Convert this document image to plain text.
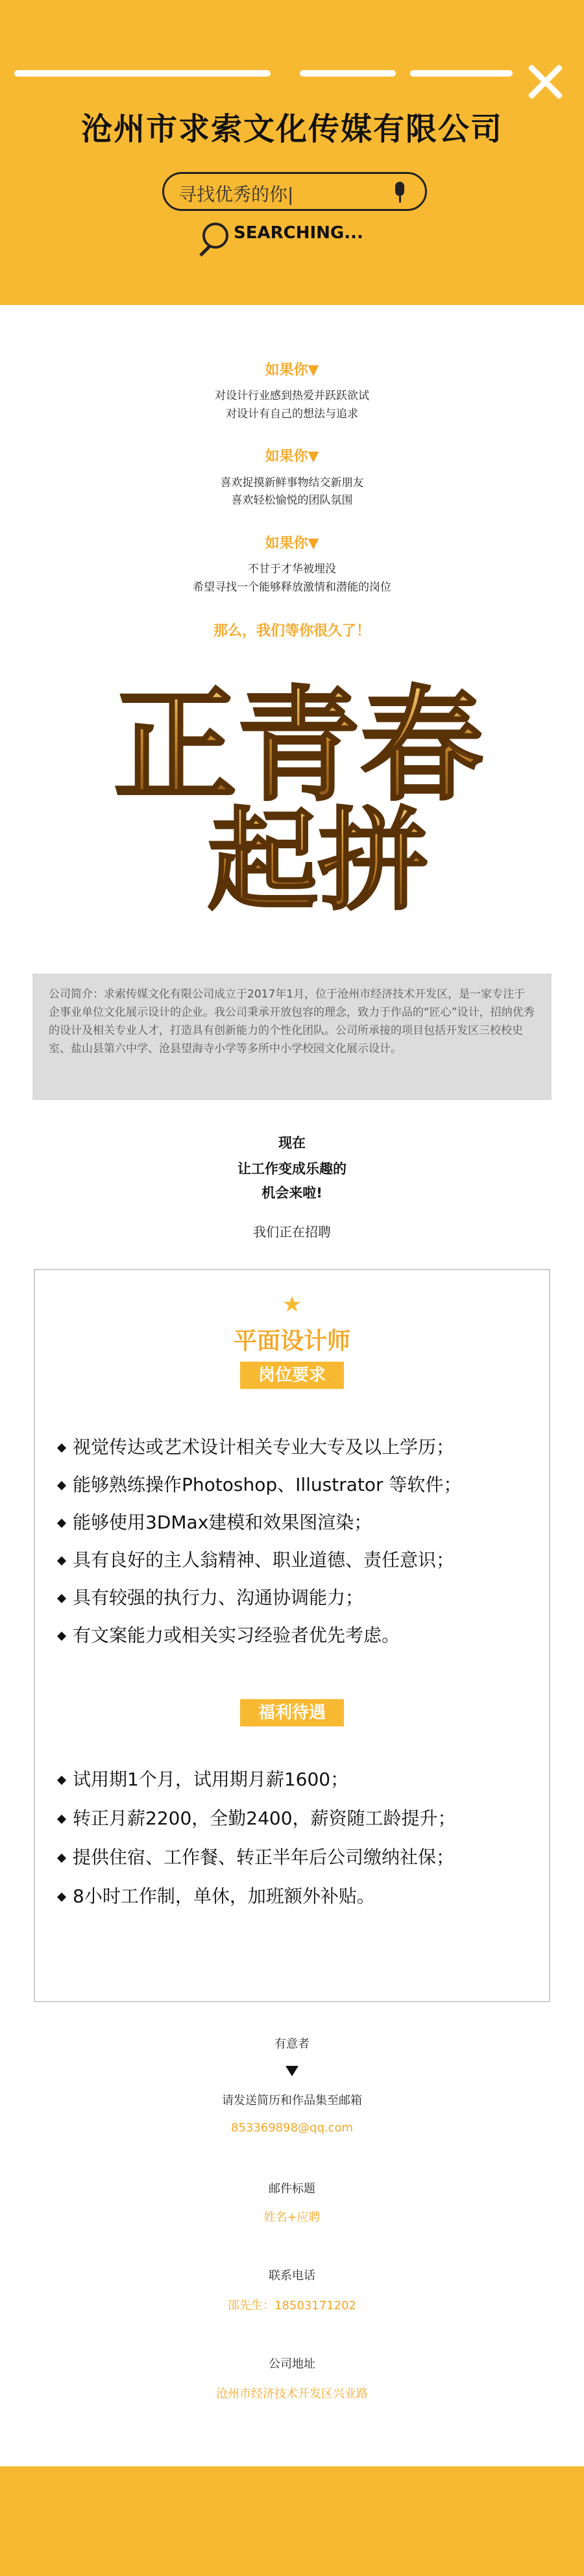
沧州市求索文化传媒有限公司
寻找优秀的你|
SEARCHING...
如果你▼
对设计行业感到热爱并跃跃欲试
对设计有自己的想法与追求
如果你▼
喜欢捉摸新鲜事物结交新朋友
喜欢轻松愉悦的团队氛围
如果你▼
不甘于才华被埋没
希望寻找一个能够释放激情和潜能的岗位
那么，我们等你很久了！
正青春
起拼
公司简介：求索传媒文化有限公司成立于2017年1月，位于沧州市经济技术开发区，是一家专注于企事业单位文化展示设计的企业。我公司秉承开放包容的理念，致力于作品的“匠心”设计，招纳优秀的设计及相关专业人才，打造具有创新能力的个性化团队。公司所承接的项目包括开发区三校校史室、盐山县第六中学、沧县望海寺小学等多所中小学校园文化展示设计。
现在
让工作变成乐趣的
机会来啦!
我们正在招聘
★
平面设计师
岗位要求
视觉传达或艺术设计相关专业大专及以上学历；
能够熟练操作Photoshop、Illustrator 等软件；
能够使用3DMax建模和效果图渲染；
具有良好的主人翁精神、职业道德、责任意识；
具有较强的执行力、沟通协调能力；
有文案能力或相关实习经验者优先考虑。
福利待遇
试用期1个月，试用期月薪1600；
转正月薪2200，全勤2400，薪资随工龄提升；
提供住宿、工作餐、转正半年后公司缴纳社保；
8小时工作制，单休，加班额外补贴。
有意者
请发送简历和作品集至邮箱
853369898@qq.com
邮件标题
姓名+应聘
联系电话
邵先生：18503171202
公司地址
沧州市经济技术开发区兴业路
